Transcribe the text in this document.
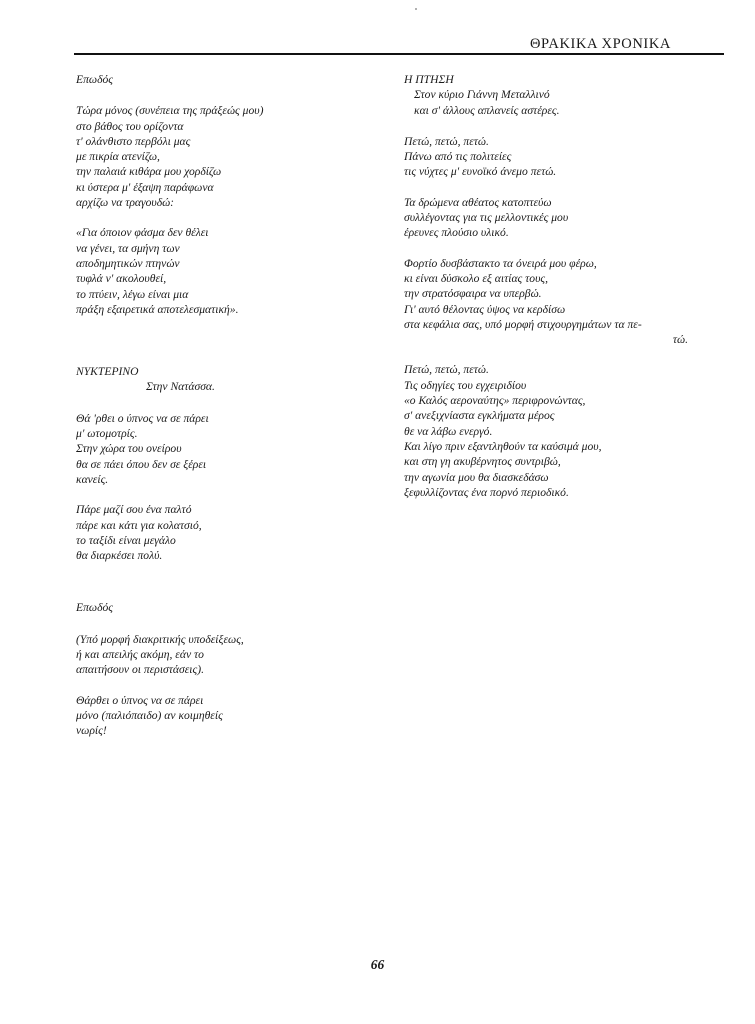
ΘΡΑΚΙΚΑ ΧΡΟΝΙΚΑ
Επωδός
Τώρα μόνος (συνέπεια της πράξεώς μου)
στο βάθος του ορίζοντα
τ' ολάνθιστο περβόλι μας
με πικρία ατενίζω,
την παλαιά κιθάρα μου χορδίζω
κι ύστερα μ' έξαψη παράφωνα
αρχίζω να τραγουδώ:
«Για όποιον φάσμα δεν θέλει
να γένει, τα σμήνη των
αποδημητικών πτηνών
τυφλά ν' ακολουθεί,
το πτύειν, λέγω είναι μια
πράξη εξαιρετικά αποτελεσματική».
ΝΥΚΤΕΡΙΝΟ
Στην Νατάσσα.
Θά 'ρθει ο ύπνος να σε πάρει
μ' ωτομοτρίς.
Στην χώρα του ονείρου
θα σε πάει όπου δεν σε ξέρει
κανείς.
Πάρε μαζί σου ένα παλτό
πάρε και κάτι για κολατσιό,
το ταξίδι είναι μεγάλο
θα διαρκέσει πολύ.
Επωδός
(Υπό μορφή διακριτικής υποδείξεως,
ή και απειλής ακόμη, εάν το
απαιτήσουν οι περιστάσεις).
Θάρθει ο ύπνος να σε πάρει
μόνο (παλιόπαιδο) αν κοιμηθείς
νωρίς!
Η ΠΤΗΣΗ
Στον κύριο Γιάννη Μεταλλινό
και σ' άλλους απλανείς αστέρες.
Πετώ, πετώ, πετώ.
Πάνω από τις πολιτείες
τις νύχτες μ' ευνοϊκό άνεμο πετώ.
Τα δρώμενα αθέατος κατοπτεύω
συλλέγοντας για τις μελλοντικές μου
έρευνες πλούσιο υλικό.
Φορτίο δυσβάστακτο τα όνειρά μου φέρω,
κι είναι δύσκολο εξ αιτίας τους,
την στρατόσφαιρα να υπερβώ.
Γι' αυτό θέλοντας ύψος να κερδίσω
στα κεφάλια σας, υπό μορφή στιχουργημάτων τα πε-
τώ.
Πετώ, πετώ, πετώ.
Τις οδηγίες του εγχειριδίου
«ο Καλός αεροναύτης» περιφρονώντας,
σ' ανεξιχνίαστα εγκλήματα μέρος
θε να λάβω ενεργό.
Και λίγο πριν εξαντληθούν τα καύσιμά μου,
και στη γη ακυβέρνητος συντριβώ,
την αγωνία μου θα διασκεδάσω
ξεφυλλίζοντας ένα πορνό περιοδικό.
66
